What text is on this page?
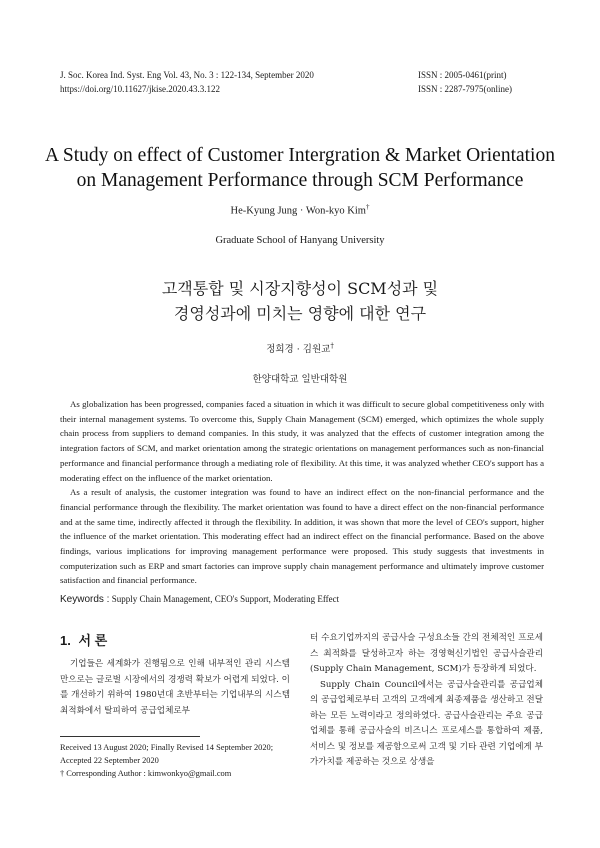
J. Soc. Korea Ind. Syst. Eng Vol. 43, No. 3 : 122-134, September 2020
https://doi.org/10.11627/jkise.2020.43.3.122
ISSN : 2005-0461(print)
ISSN : 2287-7975(online)
A Study on effect of Customer Intergration & Market Orientation
on Management Performance through SCM Performance
He-Kyung Jung · Won-kyo Kim†
Graduate School of Hanyang University
고객통합 및 시장지향성이 SCM성과 및
경영성과에 미치는 영향에 대한 연구
정희경 · 김원교†
한양대학교 일반대학원

As globalization has been progressed, companies faced a situation in which it was difficult to secure global competitiveness only with their internal management systems. To overcome this, Supply Chain Management (SCM) emerged, which optimizes the whole supply chain process from suppliers to demand companies. In this study, it was analyzed that the effects of customer integration among the integration factors of SCM, and market orientation among the strategic orientations on management performances such as non-financial performance and financial performance through a mediating role of flexibility. At this time, it was analyzed whether CEO's support has a moderating effect on the influence of the market orientation.

As a result of analysis, the customer integration was found to have an indirect effect on the non-financial performance and the financial performance through the flexibility. The market orientation was found to have a direct effect on the non-financial performance and at the same time, indirectly affected it through the flexibility. In addition, it was shown that more the level of CEO's support, higher the influence of the market orientation. This moderating effect had an indirect effect on the financial performance. Based on the above findings, various implications for improving management performance were proposed. This study suggests that investments in computerization such as ERP and smart factories can improve supply chain management performance and ultimately improve customer satisfaction and financial performance.

Keywords : Supply Chain Management, CEO's Support, Moderating Effect
1. 서 론

기업들은 세계화가 진행됨으로 인해 내부적인 관리 시스템만으로는 글로벌 시장에서의 경쟁력 확보가 어렵게 되었다. 이를 개선하기 위하여 1980년대 초반부터는 기업내부의 시스템 최적화에서 탈피하여 공급업체로부

터 수요기업까지의 공급사슬 구성요소들 간의 전체적인 프로세스 최적화를 달성하고자 하는 경영혁신기법인 공급사슬관리(Supply Chain Management, SCM)가 등장하게 되었다.

Supply Chain Council에서는 공급사슬관리를 공급업체의 공급업체로부터 고객의 고객에게 최종제품을 생산하고 전달하는 모든 노력이라고 정의하였다. 공급사슬관리는 주요 공급업체를 통해 공급사슬의 비즈니스 프로세스를 통합하여 제품, 서비스 및 정보를 제공함으로써 고객 및 기타 관련 기업에게 부가가치를 제공하는 것으로 상생을

Received 13 August 2020; Finally Revised 14 September 2020;
Accepted 22 September 2020
† Corresponding Author : kimwonkyo@gmail.com
